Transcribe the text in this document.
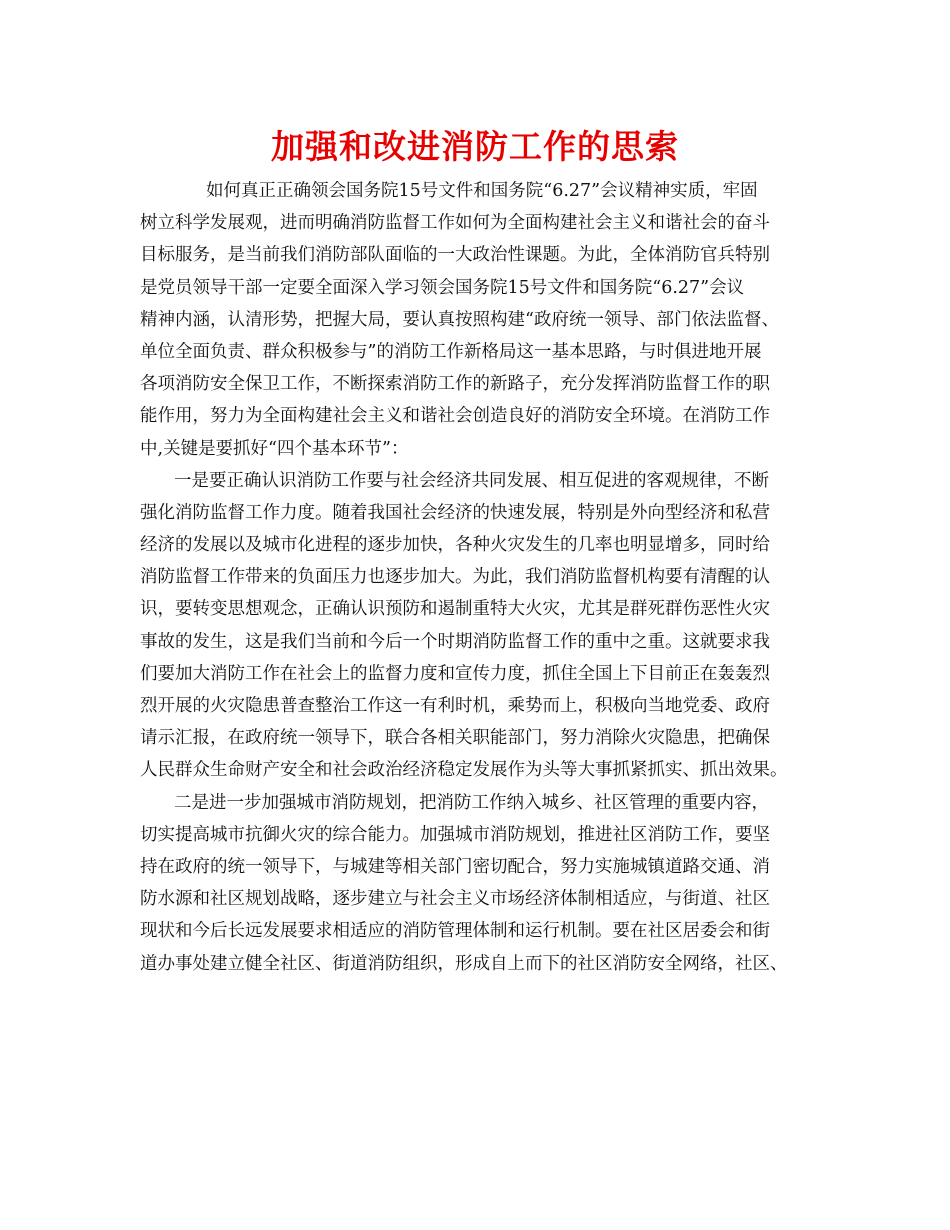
加强和改进消防工作的思索
如何真正正确领会国务院15号文件和国务院“6.27”会议精神实质，牢固
树立科学发展观，进而明确消防监督工作如何为全面构建社会主义和谐社会的奋斗
目标服务，是当前我们消防部队面临的一大政治性课题。为此，全体消防官兵特别
是党员领导干部一定要全面深入学习领会国务院15号文件和国务院“6.27”会议
精神内涵，认清形势，把握大局，要认真按照构建“政府统一领导、部门依法监督、
单位全面负责、群众积极参与”的消防工作新格局这一基本思路，与时俱进地开展
各项消防安全保卫工作，不断探索消防工作的新路子，充分发挥消防监督工作的职
能作用，努力为全面构建社会主义和谐社会创造良好的消防安全环境。在消防工作
中,关键是要抓好“四个基本环节”：
一是要正确认识消防工作要与社会经济共同发展、相互促进的客观规律，不断
强化消防监督工作力度。随着我国社会经济的快速发展，特别是外向型经济和私营
经济的发展以及城市化进程的逐步加快，各种火灾发生的几率也明显增多，同时给
消防监督工作带来的负面压力也逐步加大。为此，我们消防监督机构要有清醒的认
识，要转变思想观念，正确认识预防和遏制重特大火灾，尤其是群死群伤恶性火灾
事故的发生，这是我们当前和今后一个时期消防监督工作的重中之重。这就要求我
们要加大消防工作在社会上的监督力度和宣传力度，抓住全国上下目前正在轰轰烈
烈开展的火灾隐患普查整治工作这一有利时机，乘势而上，积极向当地党委、政府
请示汇报，在政府统一领导下，联合各相关职能部门，努力消除火灾隐患，把确保
人民群众生命财产安全和社会政治经济稳定发展作为头等大事抓紧抓实、抓出效果。
二是进一步加强城市消防规划，把消防工作纳入城乡、社区管理的重要内容，
切实提高城市抗御火灾的综合能力。加强城市消防规划，推进社区消防工作，要坚
持在政府的统一领导下，与城建等相关部门密切配合，努力实施城镇道路交通、消
防水源和社区规划战略，逐步建立与社会主义市场经济体制相适应，与街道、社区
现状和今后长远发展要求相适应的消防管理体制和运行机制。要在社区居委会和街
道办事处建立健全社区、街道消防组织，形成自上而下的社区消防安全网络，社区、
